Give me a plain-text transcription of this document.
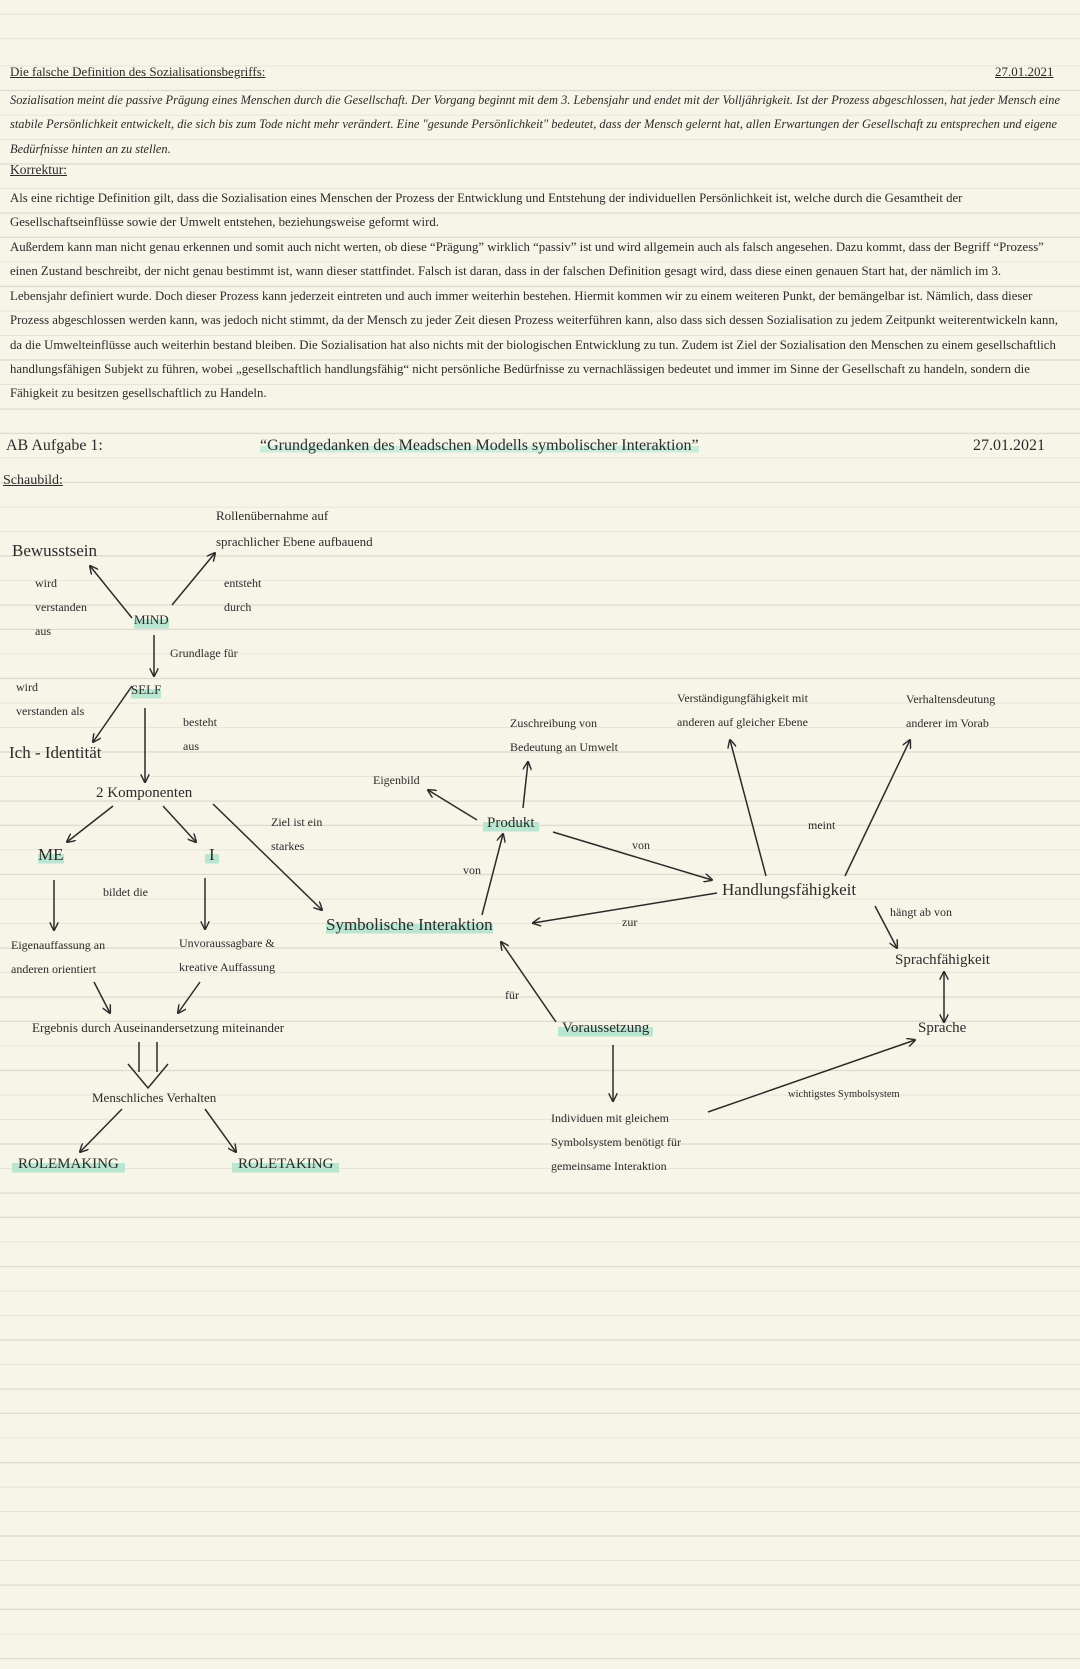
Die falsche Definition des Sozialisationsbegriffs:	27.01.2021
Sozialisation meint die passive Prägung eines Menschen durch die Gesellschaft. Der Vorgang beginnt mit dem 3. Lebensjahr und endet mit der Volljährigkeit. Ist der Prozess abgeschlossen, hat jeder Mensch eine stabile Persönlichkeit entwickelt, die sich bis zum Tode nicht mehr verändert. Eine "gesunde Persönlichkeit" bedeutet, dass der Mensch gelernt hat, allen Erwartungen der Gesellschaft zu entsprechen und eigene Bedürfnisse hinten an zu stellen.
Korrektur:
Als eine richtige Definition gilt, dass die Sozialisation eines Menschen der Prozess der Entwicklung und Entstehung der individuellen Persönlichkeit ist, welche durch die Gesamtheit der Gesellschaftseinflüsse sowie der Umwelt entstehen, beziehungsweise geformt wird.
Außerdem kann man nicht genau erkennen und somit auch nicht werten, ob diese “Prägung” wirklich “passiv” ist und wird allgemein auch als falsch angesehen. Dazu kommt, dass der Begriff “Prozess” einen Zustand beschreibt, der nicht genau bestimmt ist, wann dieser stattfindet. Falsch ist daran, dass in der falschen Definition gesagt wird, dass diese einen genauen Start hat, der nämlich im 3. Lebensjahr definiert wurde. Doch dieser Prozess kann jederzeit eintreten und auch immer weiterhin bestehen. Hiermit kommen wir zu einem weiteren Punkt, der bemängelbar ist. Nämlich, dass dieser Prozess abgeschlossen werden kann, was jedoch nicht stimmt, da der Mensch zu jeder Zeit diesen Prozess weiterführen kann, also dass sich dessen Sozialisation zu jedem Zeitpunkt weiterentwickeln kann, da die Umwelteinflüsse auch weiterhin bestand bleiben. Die Sozialisation hat also nichts mit der biologischen Entwicklung zu tun. Zudem ist Ziel der Sozialisation den Menschen zu einem gesellschaftlich handlungsfähigen Subjekt zu führen, wobei „gesellschaftlich handlungsfähig“ nicht persönliche Bedürfnisse zu vernachlässigen bedeutet und immer im Sinne der Gesellschaft zu handeln, sondern die Fähigkeit zu besitzen gesellschaftlich zu Handeln.
AB Aufgabe 1:	“Grundgedanken des Meadschen Modells symbolischer Interaktion”	27.01.2021
Schaubild:
Bewusstsein
Rollenübernahme auf
sprachlicher Ebene aufbauend
wird
verstanden
aus
entsteht
durch
MIND
Grundlage für
SELF
wird
verstanden als
besteht
aus
Ich - Identität
2 Komponenten
ME	I
bildet die
Ziel ist ein
starkes
Eigenauffassung an
anderen orientiert
Unvoraussagbare &
kreative Auffassung
Ergebnis durch Auseinandersetzung miteinander
Menschliches Verhalten
ROLEMAKING	ROLETAKING
Symbolische Interaktion
Eigenbild
Produkt
Zuschreibung von
Bedeutung an Umwelt
von
von
zur
für
Voraussetzung
Individuen mit gleichem
Symbolsystem benötigt für
gemeinsame Interaktion
Verständigungfähigkeit mit
anderen auf gleicher Ebene
Verhaltensdeutung
anderer im Vorab
meint
Handlungsfähigkeit
hängt ab von
Sprachfähigkeit
Sprache
wichtigstes Symbolsystem
